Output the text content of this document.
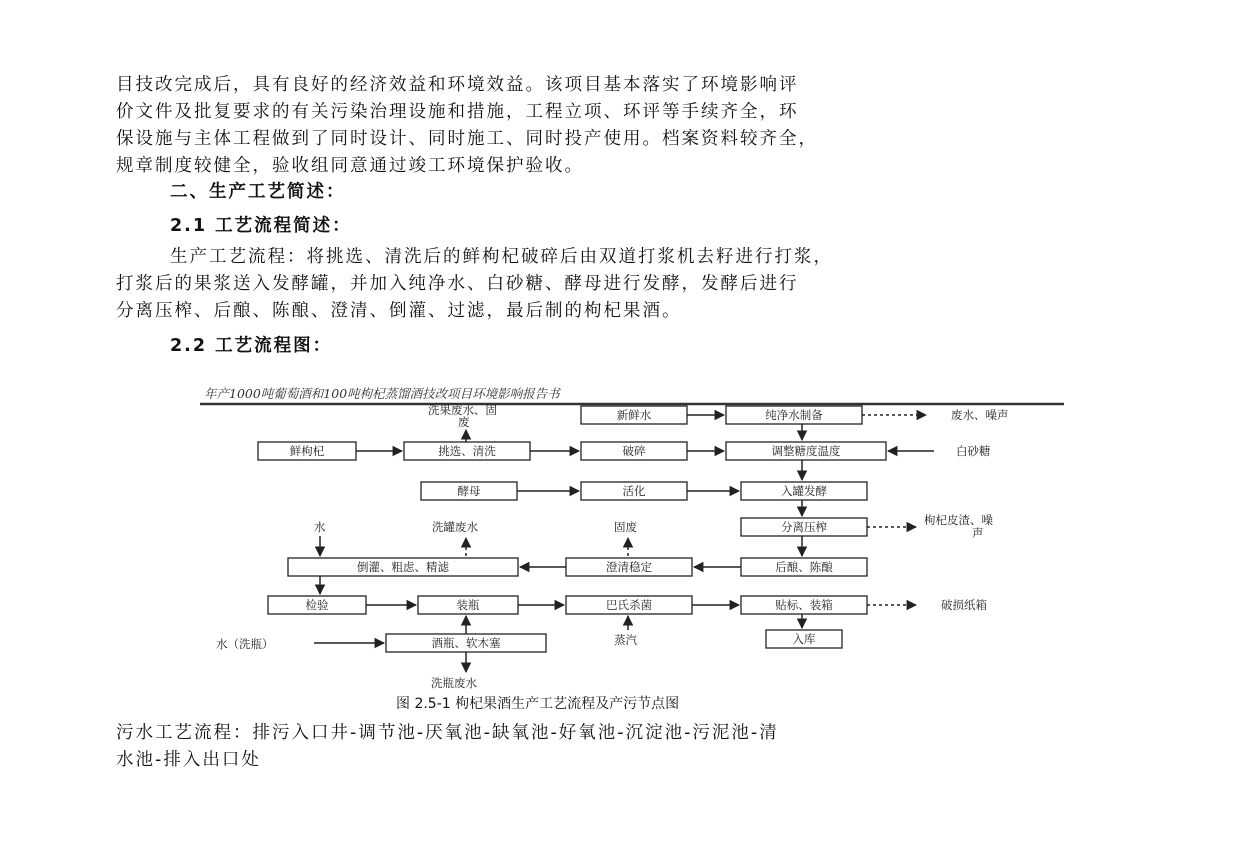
目技改完成后，具有良好的经济效益和环境效益。该项目基本落实了环境影响评
价文件及批复要求的有关污染治理设施和措施，工程立项、环评等手续齐全，环
保设施与主体工程做到了同时设计、同时施工、同时投产使用。档案资料较齐全，
规章制度较健全，验收组同意通过竣工环境保护验收。
二、生产工艺简述：
2.1 工艺流程简述：
生产工艺流程：将挑选、清洗后的鲜枸杞破碎后由双道打浆机去籽进行打浆，
打浆后的果浆送入发酵罐，并加入纯净水、白砂糖、酵母进行发酵，发酵后进行
分离压榨、后酿、陈酿、澄清、倒灌、过滤，最后制的枸杞果酒。
2.2 工艺流程图：
年产1000吨葡萄酒和100吨枸杞蒸馏酒技改项目环境影响报告书
新鲜水	纯净水制备	废水、噪声
洗果废水、固
废
鲜枸杞	挑选、清洗	破碎	调整糖度温度	白砂糖
酵母	活化	入罐发酵
分离压榨	枸杞皮渣、噪
声
水	洗罐废水	固废
倒灌、粗虑、精滤	澄清稳定	后酿、陈酿
检验	装瓶	巴氏杀菌	贴标、装箱	破损纸箱
酒瓶、软木塞	入库
水（洗瓶）	蒸汽
洗瓶废水
图 2.5-1 枸杞果酒生产工艺流程及产污节点图
污水工艺流程：排污入口井-调节池-厌氧池-缺氧池-好氧池-沉淀池-污泥池-清
水池-排入出口处
